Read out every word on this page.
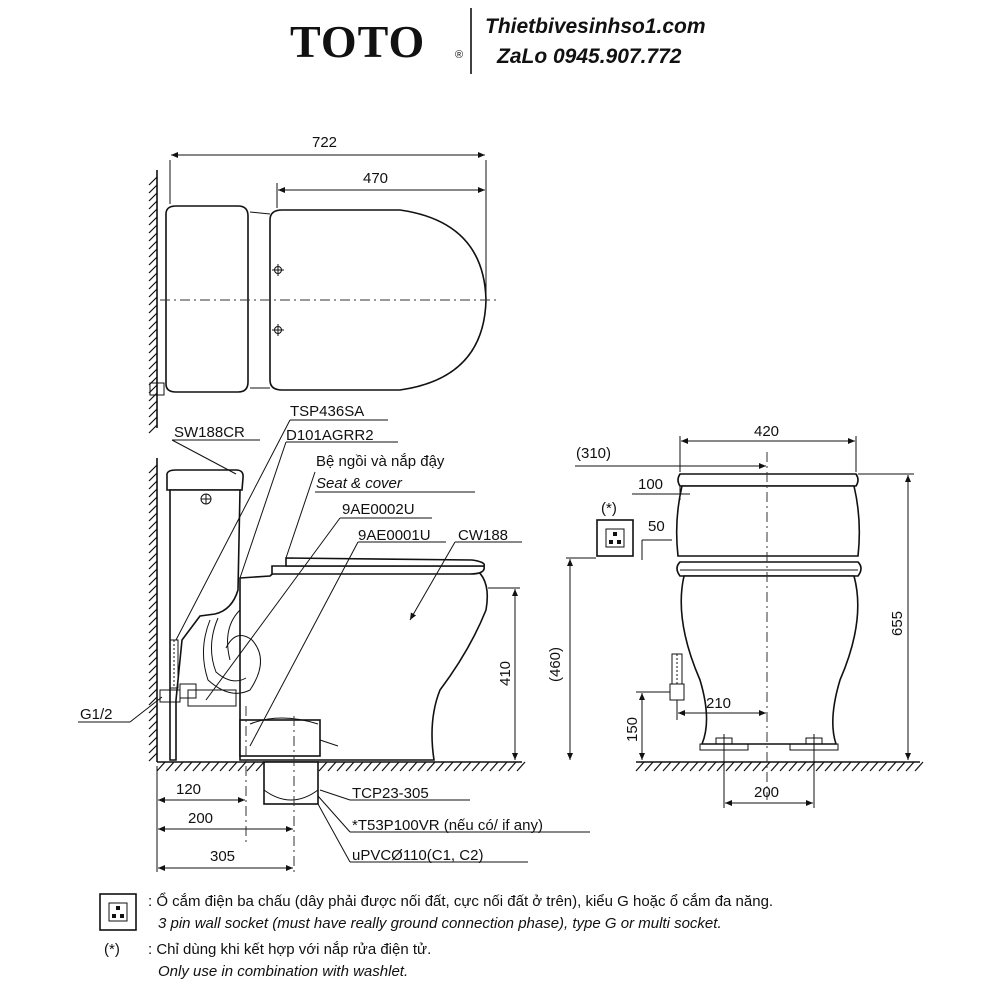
TOTO	®
Thietbivesinhso1.com
ZaLo 0945.907.772
722
470
SW188CR
TSP436SA
D101AGRR2
Bệ ngồi và nắp đậy
Seat & cover
9AE0002U
9AE0001U CW188
G1/2
410
120
200
305
TCP23-305
*T53P100VR (nếu có/ if any)
uPVCØ110(C1, C2)
(*)
420
(310)
100
50
(460)
655
150
210
200
: Ổ cắm điện ba chấu (dây phải được nối đất, cực nối đất ở trên), kiểu G hoặc ổ cắm đa năng.
3 pin wall socket (must have really ground connection phase), type G or multi socket.
(*) : Chỉ dùng khi kết hợp với nắp rửa điện tử.
Only use in combination with washlet.
